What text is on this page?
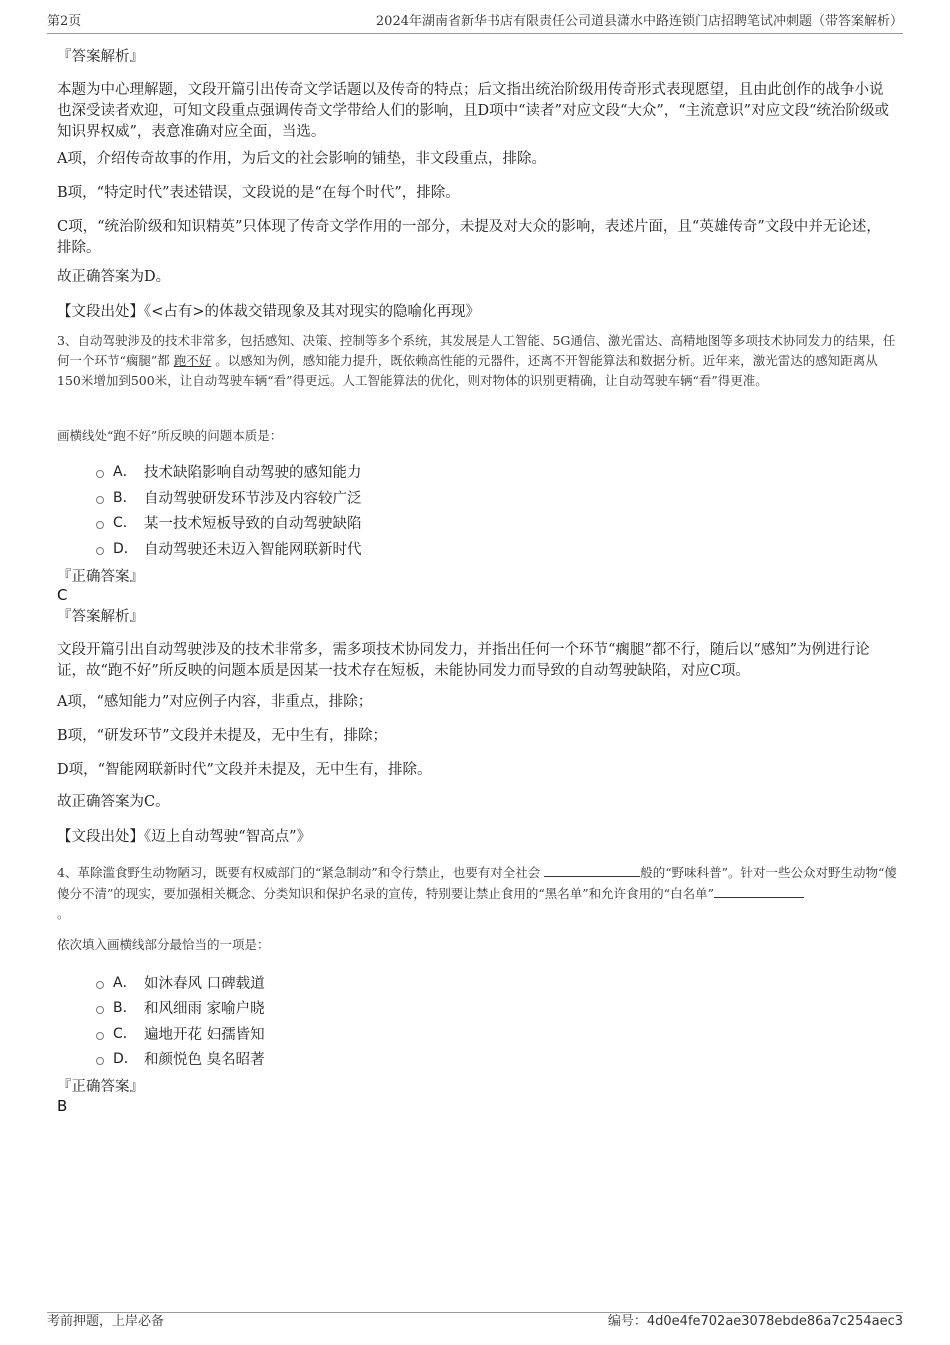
第2页	2024年湖南省新华书店有限责任公司道县潇水中路连锁门店招聘笔试冲刺题（带答案解析）
『答案解析』

本题为中心理解题，文段开篇引出传奇文学话题以及传奇的特点；后文指出统治阶级用传奇形式表现愿望，且由此创作的战争小说也深受读者欢迎，可知文段重点强调传奇文学带给人们的影响，且D项中“读者”对应文段“大众”，“主流意识”对应文段“统治阶级或知识界权威”，表意准确对应全面，当选。

A项，介绍传奇故事的作用，为后文的社会影响的铺垫，非文段重点，排除。

B项，“特定时代”表述错误，文段说的是“在每个时代”，排除。

C项，“统治阶级和知识精英”只体现了传奇文学作用的一部分，未提及对大众的影响，表述片面，且“英雄传奇”文段中并无论述，排除。

故正确答案为D。

【文段出处】《<占有>的体裁交错现象及其对现实的隐喻化再现》

3、自动驾驶涉及的技术非常多，包括感知、决策、控制等多个系统，其发展是人工智能、5G通信、激光雷达、高精地图等多项技术协同发力的结果，任何一个环节“瘸腿”都 跑不好 。以感知为例，感知能力提升，既依赖高性能的元器件，还离不开智能算法和数据分析。近年来，激光雷达的感知距离从150米增加到500米，让自动驾驶车辆“看”得更远。人工智能算法的优化，则对物体的识别更精确，让自动驾驶车辆“看”得更准。

画横线处“跑不好”所反映的问题本质是：

A． 技术缺陷影响自动驾驶的感知能力
B． 自动驾驶研发环节涉及内容较广泛
C． 某一技术短板导致的自动驾驶缺陷
D． 自动驾驶还未迈入智能网联新时代
『正确答案』
C
『答案解析』

文段开篇引出自动驾驶涉及的技术非常多，需多项技术协同发力，并指出任何一个环节“瘸腿”都不行，随后以“感知”为例进行论证，故“跑不好”所反映的问题本质是因某一技术存在短板，未能协同发力而导致的自动驾驶缺陷，对应C项。

A项，“感知能力”对应例子内容，非重点，排除；

B项，“研发环节”文段并未提及，无中生有，排除；

D项，“智能网联新时代”文段并未提及，无中生有，排除。

故正确答案为C。

【文段出处】《迈上自动驾驶“智高点”》

4、革除滥食野生动物陋习，既要有权威部门的“紧急制动”和令行禁止，也要有对全社会	般的“野味科普”。针对一些公众对野生动物“傻傻分不清”的现实，要加强相关概念、分类知识和保护名录的宣传，特别要让禁止食用的“黑名单”和允许食用的“白名单”
。

依次填入画横线部分最恰当的一项是：

A． 如沐春风 口碑载道
B． 和风细雨 家喻户晓
C． 遍地开花 妇孺皆知
D． 和颜悦色 臭名昭著
『正确答案』
B
考前押题，上岸必备	编号：4d0e4fe702ae3078ebde86a7c254aec3
